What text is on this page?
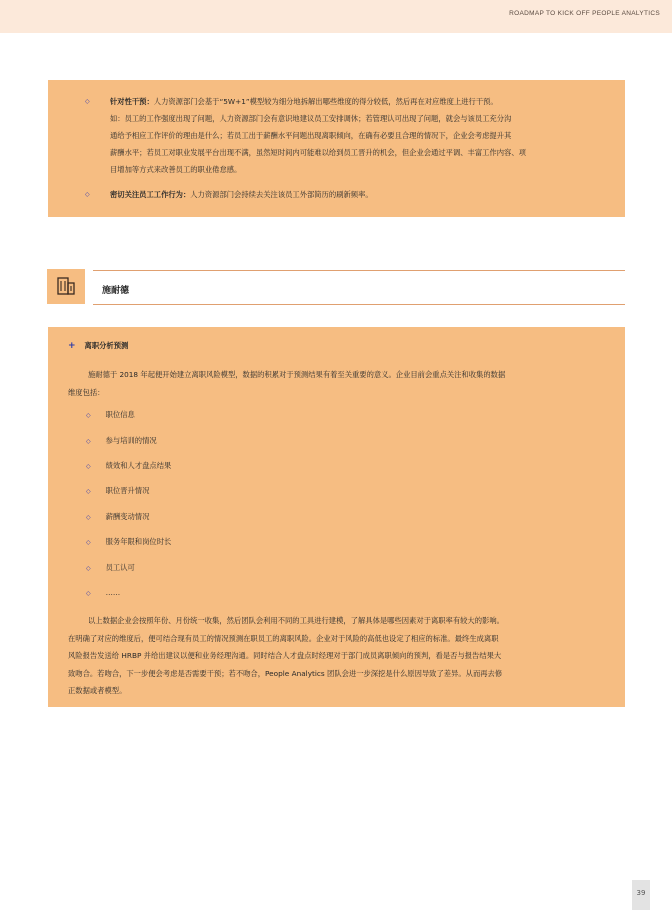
ROADMAP TO KICK OFF PEOPLE ANALYTICS
◇	针对性干预：人力资源部门会基于“5W+1”模型较为细分地拆解出哪些维度的得分较低，然后再在对应维度上进行干预。
如：员工的工作强度出现了问题，人力资源部门会有意识地建议员工安排调休；若管理认可出现了问题，就会与该员工充分沟
通给予相应工作评价的理由是什么；若员工出于薪酬水平问题出现离职倾向，在确有必要且合理的情况下，企业会考虑提升其
薪酬水平；若员工对职业发展平台出现不满，虽然短时间内可能难以给到员工晋升的机会，但企业会通过平调、丰富工作内容、项
目增加等方式来改善员工的职业倦怠感。
◇	密切关注员工工作行为：人力资源部门会持续去关注该员工外部简历的刷新频率。
施耐德
+ 离职分析预测
施耐德于 2018 年起便开始建立离职风险模型，数据的积累对于预测结果有着至关重要的意义。企业目前会重点关注和收集的数据
维度包括：
◇ 职位信息
◇ 参与培训的情况
◇ 绩效和人才盘点结果
◇ 职位晋升情况
◇ 薪酬变动情况
◇ 服务年限和岗位时长
◇ 员工认可
◇ ……
以上数据企业会按照年份、月份统一收集，然后团队会利用不同的工具进行建模，了解具体是哪些因素对于离职率有较大的影响。
在明确了对应的维度后，便可结合现有员工的情况预测在职员工的离职风险。企业对于风险的高低也设定了相应的标准。最终生成离职
风险报告发送给 HRBP 并给出建议以便和业务经理沟通。同时结合人才盘点时经理对于部门成员离职倾向的预判，看是否与报告结果大
致吻合。若吻合，下一步便会考虑是否需要干预；若不吻合，People Analytics 团队会进一步深挖是什么原因导致了差异。从而再去修
正数据或者模型。
39
